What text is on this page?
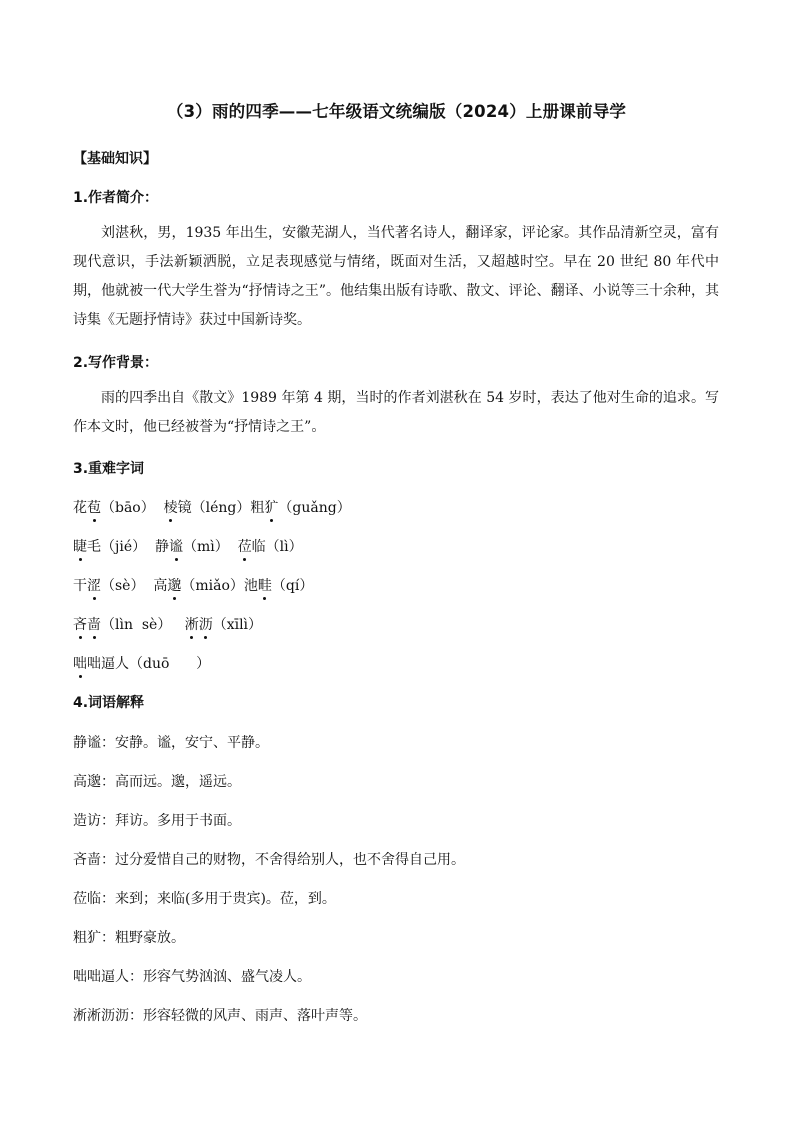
（3）雨的四季——七年级语文统编版（2024）上册课前导学
【基础知识】
1.作者简介：
刘湛秋，男，1935 年出生，安徽芜湖人，当代著名诗人，翻译家，评论家。其作品清新空灵，富有现代意识，手法新颖洒脱，立足表现感觉与情绪，既面对生活，又超越时空。早在 20 世纪 80 年代中期，他就被一代大学生誉为“抒情诗之王”。他结集出版有诗歌、散文、评论、翻译、小说等三十余种，其诗集《无题抒情诗》获过中国新诗奖。
2.写作背景：
雨的四季出自《散文》1989 年第 4 期，当时的作者刘湛秋在 54 岁时，表达了他对生命的追求。写作本文时，他已经被誉为“抒情诗之王”。
3.重难字词
花苞（bāo）  棱镜（léng）粗犷（guǎng）
睫毛（jié）  静谧（mì）  莅临（lì）
干涩（sè）  高邈（miǎo）池畦（qí）
吝啬（lìn  sè）   淅沥（xīlì）
咄咄逼人（duō      ）
4.词语解释
静谧：安静。谧，安宁、平静。
高邈：高而远。邈，遥远。
造访：拜访。多用于书面。
吝啬：过分爱惜自己的财物，不舍得给别人，也不舍得自己用。
莅临：来到；来临(多用于贵宾)。莅，到。
粗犷：粗野豪放。
咄咄逼人：形容气势汹汹、盛气凌人。
淅淅沥沥：形容轻微的风声、雨声、落叶声等。
